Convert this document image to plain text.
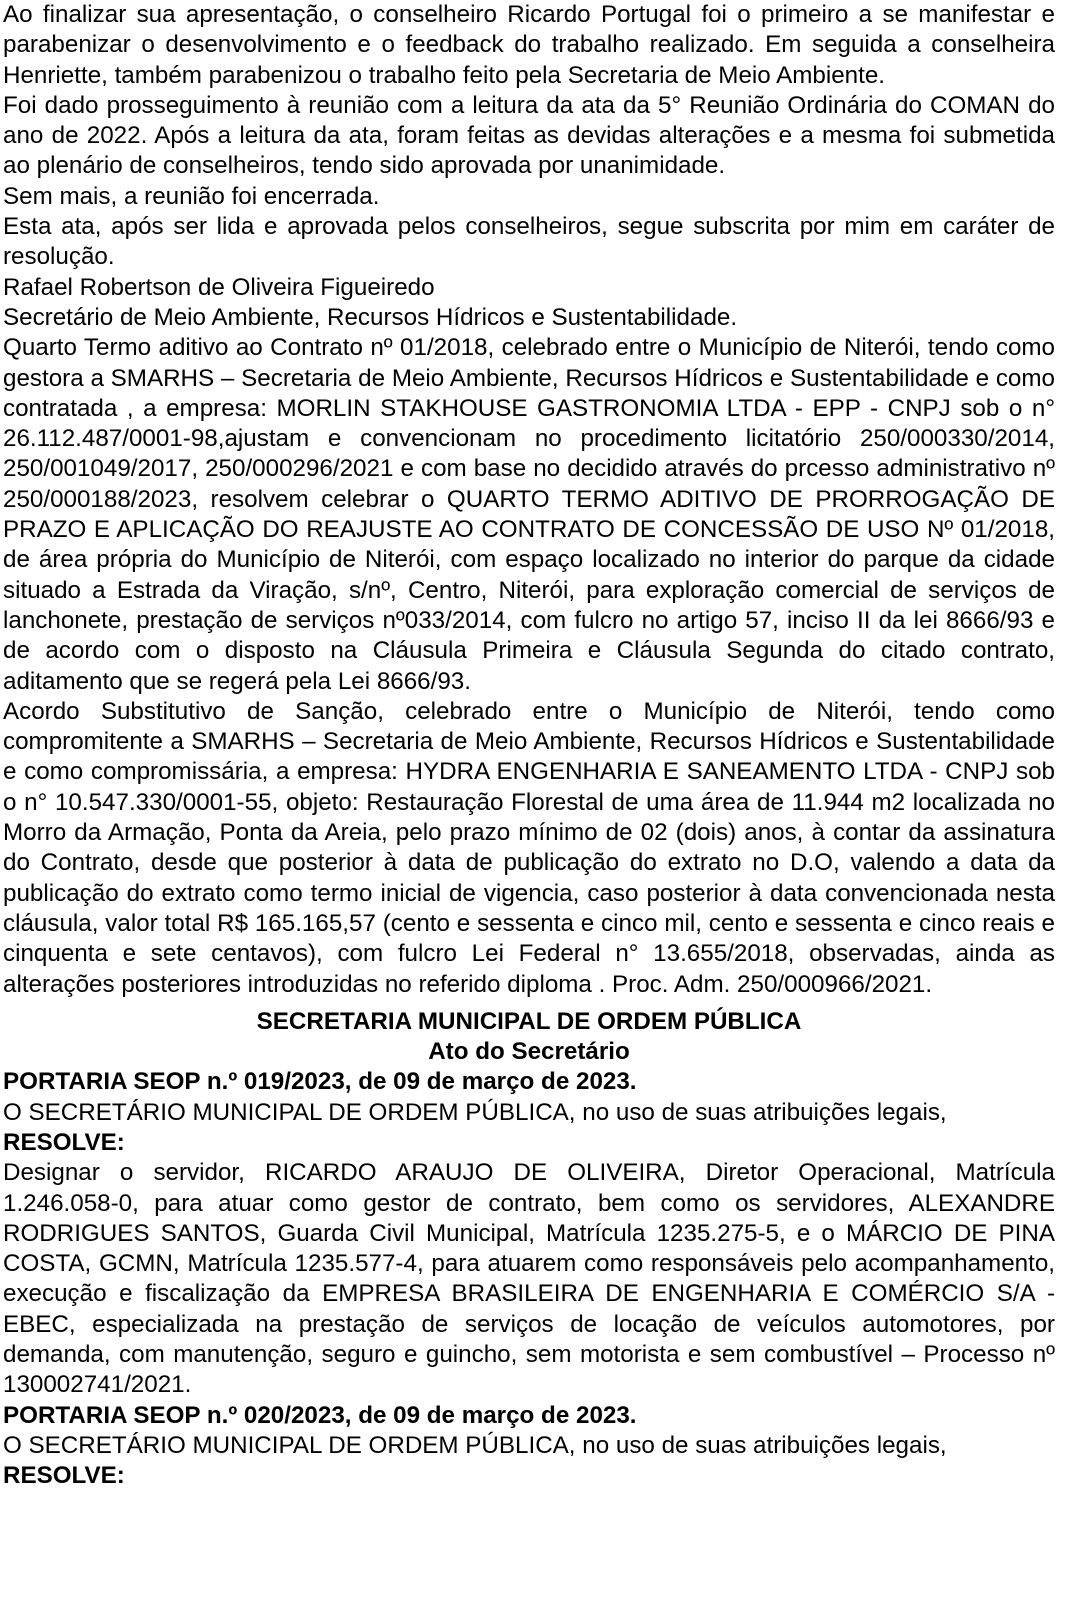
Ao finalizar sua apresentação, o conselheiro Ricardo Portugal foi o primeiro a se manifestar e parabenizar o desenvolvimento e o feedback do trabalho realizado. Em seguida a conselheira Henriette, também parabenizou o trabalho feito pela Secretaria de Meio Ambiente.

Foi dado prosseguimento à reunião com a leitura da ata da 5° Reunião Ordinária do COMAN do ano de 2022. Após a leitura da ata, foram feitas as devidas alterações e a mesma foi submetida ao plenário de conselheiros, tendo sido aprovada por unanimidade.

Sem mais, a reunião foi encerrada.

Esta ata, após ser lida e aprovada pelos conselheiros, segue subscrita por mim em caráter de resolução.

Rafael Robertson de Oliveira Figueiredo

Secretário de Meio Ambiente, Recursos Hídricos e Sustentabilidade.

Quarto Termo aditivo ao Contrato nº 01/2018, celebrado entre o Município de Niterói, tendo como gestora a SMARHS – Secretaria de Meio Ambiente, Recursos Hídricos e Sustentabilidade e como contratada , a empresa: MORLIN STAKHOUSE GASTRONOMIA LTDA - EPP - CNPJ sob o n° 26.112.487/0001-98,ajustam e convencionam no procedimento licitatório 250/000330/2014, 250/001049/2017, 250/000296/2021 e com base no decidido através do prcesso administrativo nº 250/000188/2023, resolvem celebrar o QUARTO TERMO ADITIVO DE PRORROGAÇÃO DE PRAZO E APLICAÇÃO DO REAJUSTE AO CONTRATO DE CONCESSÃO DE USO Nº 01/2018, de área própria do Município de Niterói, com espaço localizado no interior do parque da cidade situado a Estrada da Viração, s/nº, Centro, Niterói, para exploração comercial de serviços de lanchonete, prestação de serviços nº033/2014, com fulcro no artigo 57, inciso II da lei 8666/93 e de acordo com o disposto na Cláusula Primeira e Cláusula Segunda do citado contrato, aditamento que se regerá pela Lei 8666/93.

Acordo Substitutivo de Sanção, celebrado entre o Município de Niterói, tendo como compromitente a SMARHS – Secretaria de Meio Ambiente, Recursos Hídricos e Sustentabilidade e como compromissária, a empresa: HYDRA ENGENHARIA E SANEAMENTO LTDA - CNPJ sob o n° 10.547.330/0001-55, objeto: Restauração Florestal de uma área de 11.944 m2 localizada no Morro da Armação, Ponta da Areia, pelo prazo mínimo de 02 (dois) anos, à contar da assinatura do Contrato, desde que posterior à data de publicação do extrato no D.O, valendo a data da publicação do extrato como termo inicial de vigencia, caso posterior à data convencionada nesta cláusula, valor total R$ 165.165,57 (cento e sessenta e cinco mil, cento e sessenta e cinco reais e cinquenta e sete centavos), com fulcro Lei Federal n° 13.655/2018, observadas, ainda as alterações posteriores introduzidas no referido diploma . Proc. Adm. 250/000966/2021.

SECRETARIA MUNICIPAL DE ORDEM PÚBLICA

Ato do Secretário

PORTARIA SEOP n.º 019/2023, de 09 de março de 2023.

O SECRETÁRIO MUNICIPAL DE ORDEM PÚBLICA, no uso de suas atribuições legais,

RESOLVE:

Designar o servidor, RICARDO ARAUJO DE OLIVEIRA, Diretor Operacional, Matrícula 1.246.058-0, para atuar como gestor de contrato, bem como os servidores, ALEXANDRE RODRIGUES SANTOS, Guarda Civil Municipal, Matrícula 1235.275-5, e o MÁRCIO DE PINA COSTA, GCMN, Matrícula 1235.577-4, para atuarem como responsáveis pelo acompanhamento, execução e fiscalização da EMPRESA BRASILEIRA DE ENGENHARIA E COMÉRCIO S/A - EBEC, especializada na prestação de serviços de locação de veículos automotores, por demanda, com manutenção, seguro e guincho, sem motorista e sem combustível – Processo nº 130002741/2021.

PORTARIA SEOP n.º 020/2023, de 09 de março de 2023.

O SECRETÁRIO MUNICIPAL DE ORDEM PÚBLICA, no uso de suas atribuições legais,

RESOLVE:
